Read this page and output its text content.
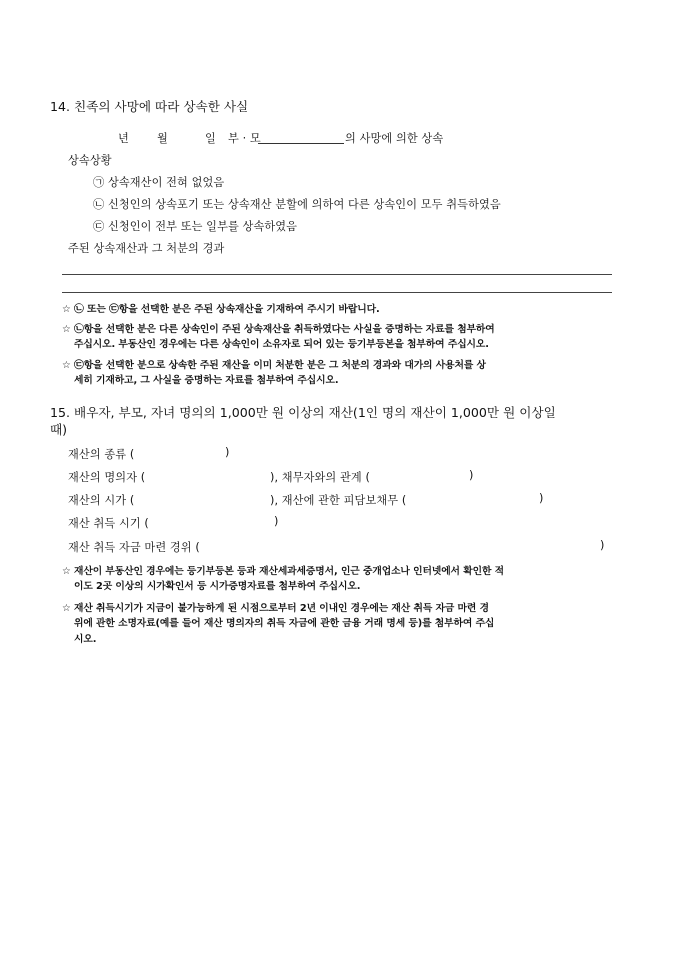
14. 친족의 사망에 따라 상속한 사실
년	월	일 부 · 모	의 사망에 의한 상속
상속상황
㉠ 상속재산이 전혀 없었음
㉡ 신청인의 상속포기 또는 상속재산 분할에 의하여 다른 상속인이 모두 취득하였음
㉢ 신청인이 전부 또는 일부를 상속하였음
주된 상속재산과 그 처분의 경과
☆ ㉡ 또는 ㉢항을 선택한 분은 주된 상속재산을 기재하여 주시기 바랍니다.
☆ ㉡항을 선택한 분은 다른 상속인이 주된 상속재산을 취득하였다는 사실을 증명하는 자료를 첨부하여
주십시오. 부동산인 경우에는 다른 상속인이 소유자로 되어 있는 등기부등본을 첨부하여 주십시오.
☆ ㉢항을 선택한 분으로 상속한 주된 재산을 이미 처분한 분은 그 처분의 경과와 대가의 사용처를 상
세히 기재하고, 그 사실을 증명하는 자료를 첨부하여 주십시오.
15. 배우자, 부모, 자녀 명의의 1,000만 원 이상의 재산(1인 명의 재산이 1,000만 원 이상일
때)
재산의 종류 (	)
재산의 명의자 (	), 채무자와의 관계 (	)
재산의 시가 (	), 재산에 관한 피담보채무 (	)
재산 취득 시기 (	)
재산 취득 자금 마련 경위 (	)
☆ 재산이 부동산인 경우에는 등기부등본 등과 재산세과세증명서, 인근 중개업소나 인터넷에서 확인한 적
이도 2곳 이상의 시가확인서 등 시가증명자료를 첨부하여 주십시오.
☆ 재산 취득시기가 지금이 불가능하게 된 시점으로부터 2년 이내인 경우에는 재산 취득 자금 마련 경
위에 관한 소명자료(예를 들어 재산 명의자의 취득 자금에 관한 금융 거래 명세 등)를 첨부하여 주십
시오.
